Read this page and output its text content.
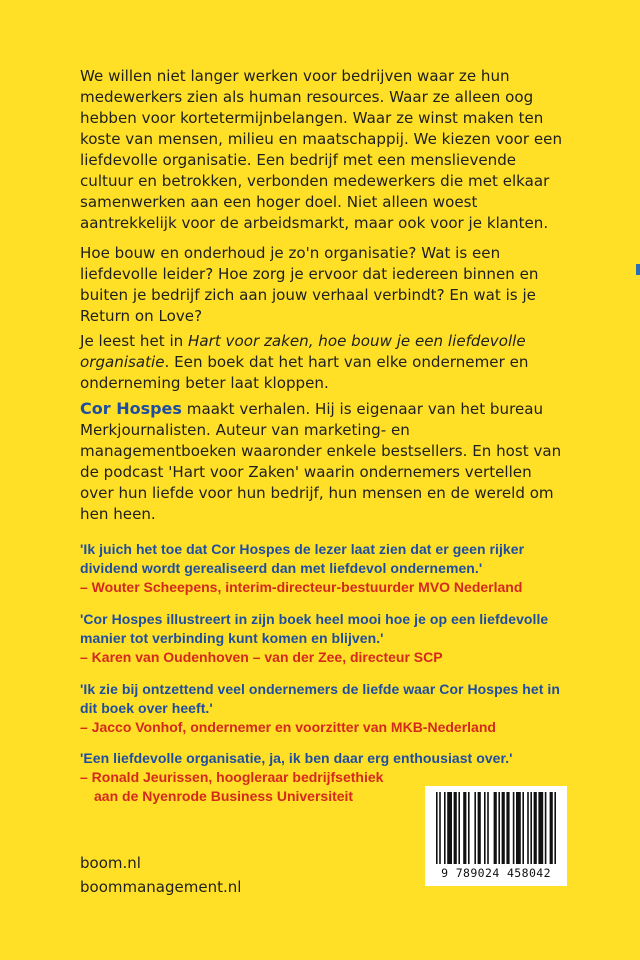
We willen niet langer werken voor bedrijven waar ze hun medewerkers zien als human resources. Waar ze alleen oog hebben voor kortetermijnbelangen. Waar ze winst maken ten koste van mensen, milieu en maatschappij. We kiezen voor een liefdevolle organisatie. Een bedrijf met een menslievende cultuur en betrokken, verbonden medewerkers die met elkaar samenwerken aan een hoger doel. Niet alleen woest aantrekkelijk voor de arbeidsmarkt, maar ook voor je klanten.

Hoe bouw en onderhoud je zo'n organisatie? Wat is een liefdevolle leider? Hoe zorg je ervoor dat iedereen binnen en buiten je bedrijf zich aan jouw verhaal verbindt? En wat is je Return on Love?

Je leest het in Hart voor zaken, hoe bouw je een liefdevolle organisatie. Een boek dat het hart van elke ondernemer en onderneming beter laat kloppen.

Cor Hospes maakt verhalen. Hij is eigenaar van het bureau Merkjournalisten. Auteur van marketing- en managementboeken waaronder enkele bestsellers. En host van de podcast 'Hart voor Zaken' waarin ondernemers vertellen over hun liefde voor hun bedrijf, hun mensen en de wereld om hen heen.

'Ik juich het toe dat Cor Hospes de lezer laat zien dat er geen rijker dividend wordt gerealiseerd dan met liefdevol ondernemen.'
– Wouter Scheepens, interim-directeur-bestuurder MVO Nederland
'Cor Hospes illustreert in zijn boek heel mooi hoe je op een liefdevolle manier tot verbinding kunt komen en blijven.'
– Karen van Oudenhoven – van der Zee, directeur SCP
'Ik zie bij ontzettend veel ondernemers de liefde waar Cor Hospes het in dit boek over heeft.'
– Jacco Vonhof, ondernemer en voorzitter van MKB-Nederland
'Een liefdevolle organisatie, ja, ik ben daar erg enthousiast over.'
– Ronald Jeurissen, hoogleraar bedrijfsethiek
aan de Nyenrode Business Universiteit
boom.nl
boommanagement.nl
9 789024 458042
